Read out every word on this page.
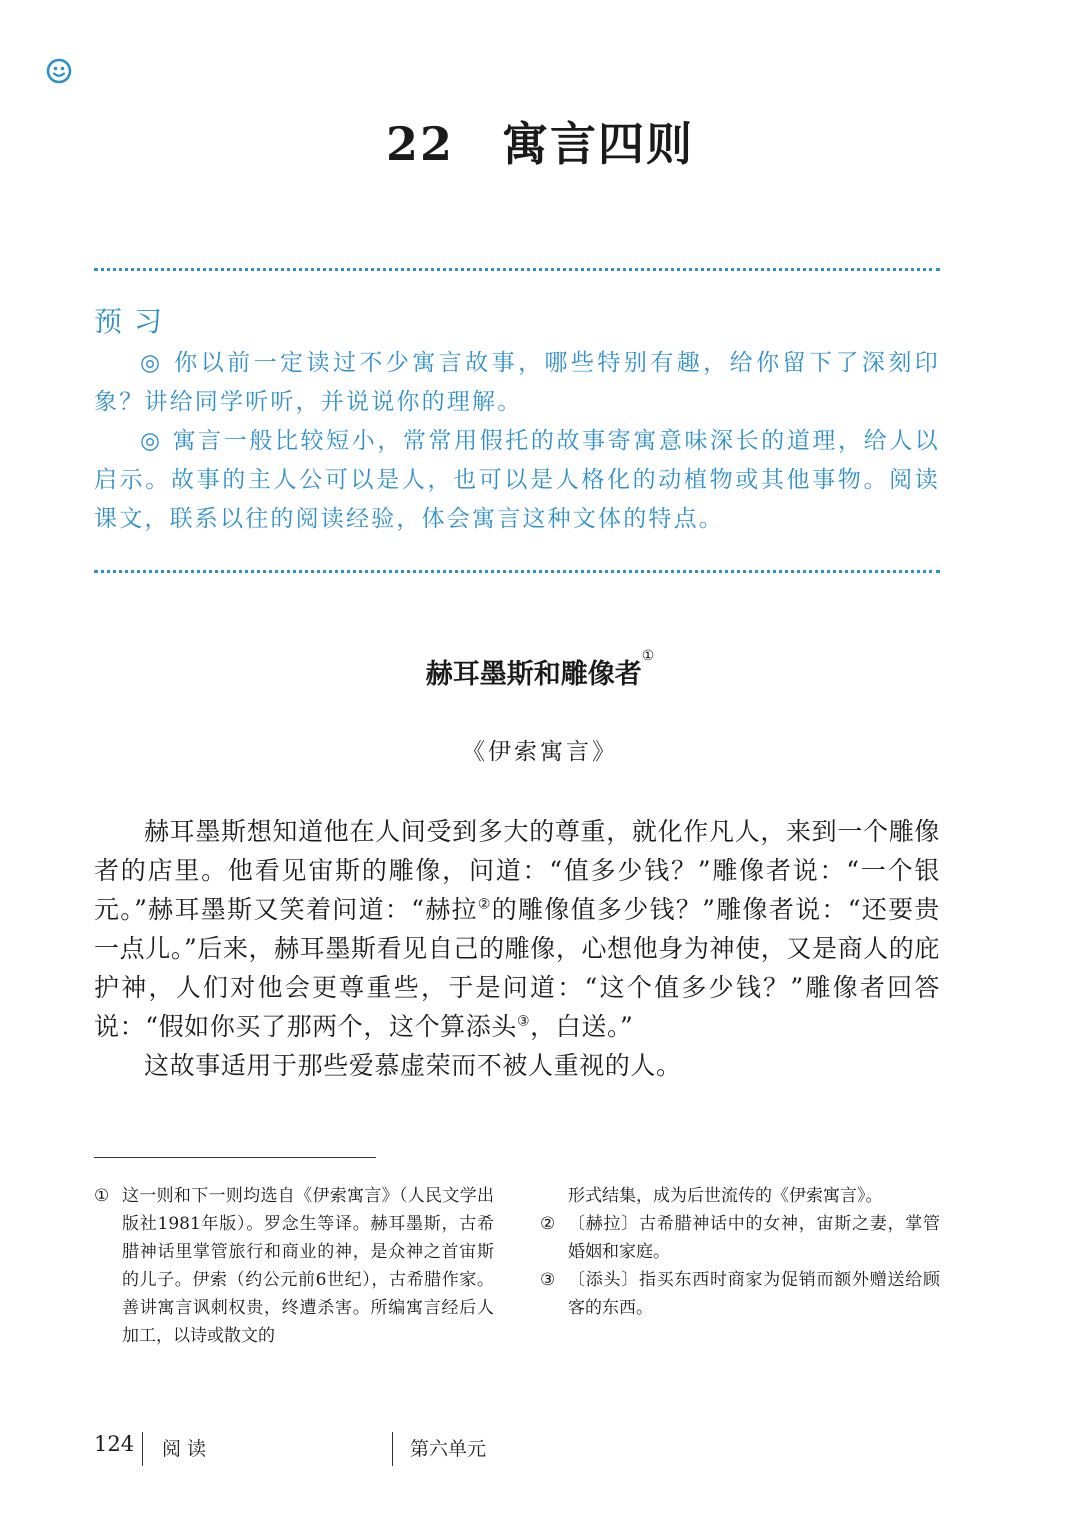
22　寓言四则
预习

◎ 你以前一定读过不少寓言故事，哪些特别有趣，给你留下了深刻印象？讲给同学听听，并说说你的理解。

◎ 寓言一般比较短小，常常用假托的故事寄寓意味深长的道理，给人以启示。故事的主人公可以是人，也可以是人格化的动植物或其他事物。阅读课文，联系以往的阅读经验，体会寓言这种文体的特点。

赫耳墨斯和雕像者①
《伊索寓言》

赫耳墨斯想知道他在人间受到多大的尊重，就化作凡人，来到一个雕像者的店里。他看见宙斯的雕像，问道：“值多少钱？”雕像者说：“一个银元。”赫耳墨斯又笑着问道：“赫拉②的雕像值多少钱？”雕像者说：“还要贵一点儿。”后来，赫耳墨斯看见自己的雕像，心想他身为神使，又是商人的庇护神，人们对他会更尊重些，于是问道：“这个值多少钱？”雕像者回答说：“假如你买了那两个，这个算添头③，白送。”

这故事适用于那些爱慕虚荣而不被人重视的人。

① 这一则和下一则均选自《伊索寓言》（人民文学出版社1981年版）。罗念生等译。赫耳墨斯，古希腊神话里掌管旅行和商业的神，是众神之首宙斯的儿子。伊索（约公元前6世纪），古希腊作家。善讲寓言讽刺权贵，终遭杀害。所编寓言经后人加工，以诗或散文的

形式结集，成为后世流传的《伊索寓言》。

② 〔赫拉〕古希腊神话中的女神，宙斯之妻，掌管婚姻和家庭。
③ 〔添头〕指买东西时商家为促销而额外赠送给顾客的东西。
124 阅读	第六单元
